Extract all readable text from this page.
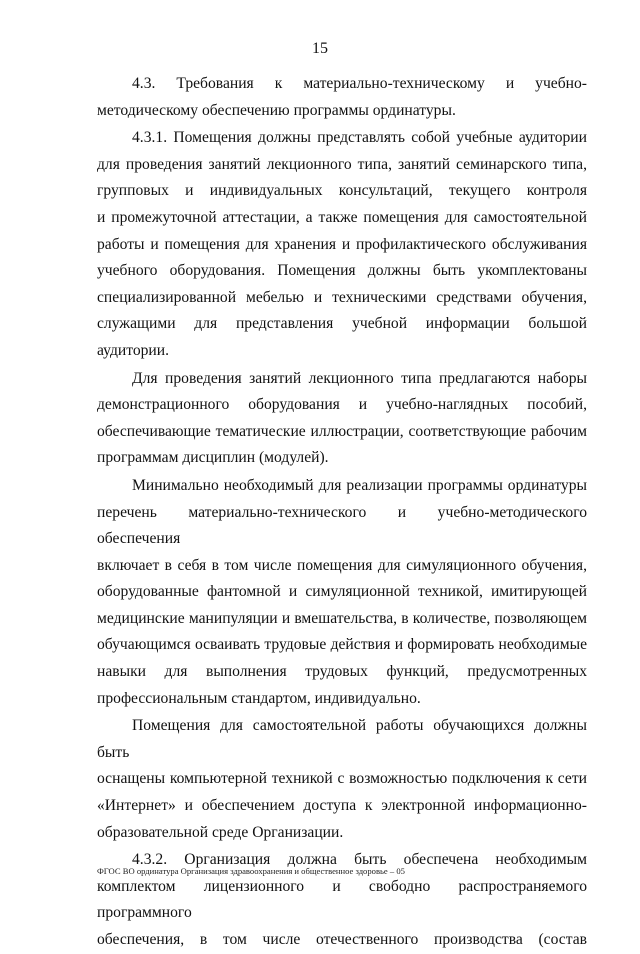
15

4.3.   Требования   к   материально-техническому   и   учебно-

методическому обеспечению программы ординатуры.

4.3.1. Помещения должны представлять собой учебные аудитории

для проведения занятий лекционного типа, занятий семинарского типа,

групповых и индивидуальных консультаций, текущего контроля

и промежуточной аттестации, а также помещения для самостоятельной

работы и помещения для хранения и профилактического обслуживания

учебного оборудования. Помещения должны быть укомплектованы

специализированной мебелью и техническими средствами обучения,

служащими для представления учебной информации большой аудитории.

Для проведения занятий лекционного типа предлагаются наборы

демонстрационного оборудования и учебно-наглядных пособий,

обеспечивающие тематические иллюстрации, соответствующие рабочим

программам дисциплин (модулей).

Минимально необходимый для реализации программы ординатуры

перечень материально-технического и учебно-методического обеспечения

включает в себя в том числе помещения для симуляционного обучения,

оборудованные фантомной и симуляционной техникой, имитирующей

медицинские манипуляции и вмешательства, в количестве, позволяющем

обучающимся осваивать трудовые действия и формировать необходимые

навыки для выполнения трудовых функций, предусмотренных

профессиональным стандартом, индивидуально.

Помещения для самостоятельной работы обучающихся должны быть

оснащены компьютерной техникой с возможностью подключения к сети

«Интернет» и обеспечением доступа к электронной информационно-

образовательной среде Организации.

4.3.2. Организация должна быть обеспечена необходимым

комплектом лицензионного и свободно распространяемого программного

обеспечения, в том числе отечественного производства (состав

ФГОС ВО ординатура Организация здравоохранения и общественное здоровье – 05
